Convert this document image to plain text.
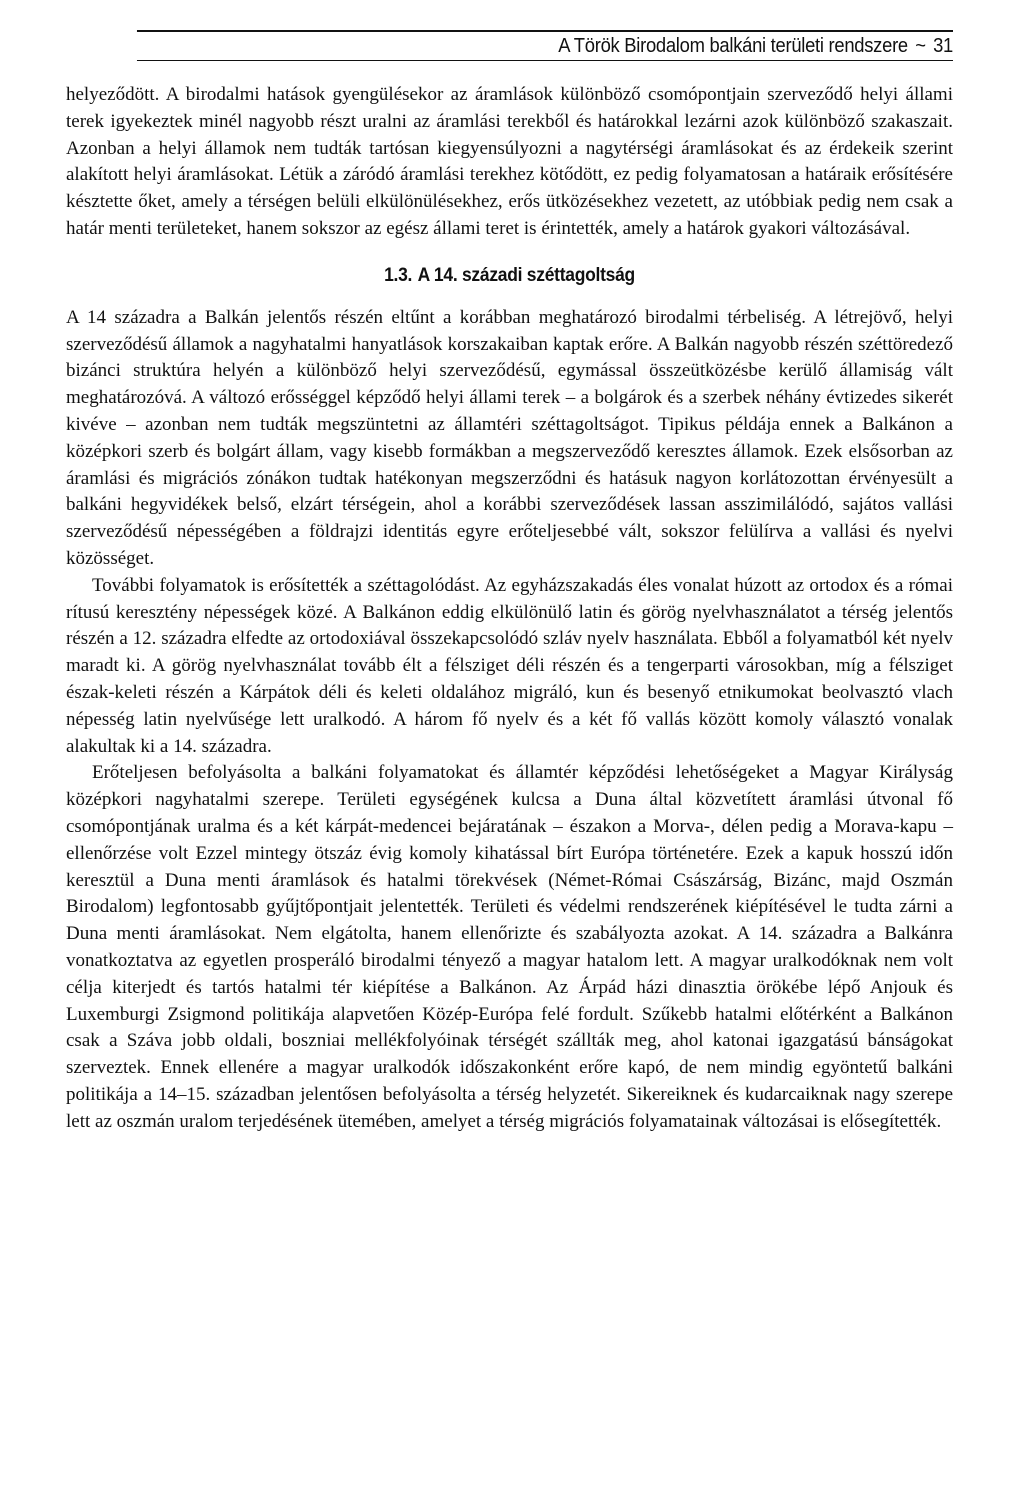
A Török Birodalom balkáni területi rendszere ~ 31

helyeződött. A birodalmi hatások gyengülésekor az áramlások különböző csomópontjain szerveződő helyi állami terek igyekeztek minél nagyobb részt uralni az áramlási terekből és határokkal lezárni azok különböző szakaszait. Azonban a helyi államok nem tudták tartósan kiegyensúlyozni a nagytérségi áramlásokat és az érdekeik szerint alakított helyi áramlásokat. Létük a záródó áramlási terekhez kötődött, ez pedig folyamatosan a határaik erősítésére késztette őket, amely a térségen belüli elkülönülésekhez, erős ütközésekhez vezetett, az utóbbiak pedig nem csak a határ menti területeket, hanem sokszor az egész állami teret is érintették, amely a határok gyakori változásával.

1.3. A 14. századi széttagoltság

A 14 századra a Balkán jelentős részén eltűnt a korábban meghatározó birodalmi térbeliség. A létrejövő, helyi szerveződésű államok a nagyhatalmi hanyatlások korszakaiban kaptak erőre. A Balkán nagyobb részén széttöredező bizánci struktúra helyén a különböző helyi szerveződésű, egymással összeütközésbe kerülő államiság vált meghatározóvá. A változó erősséggel képződő helyi állami terek – a bolgárok és a szerbek néhány évtizedes sikerét kivéve – azonban nem tudták megszüntetni az államtéri széttagoltságot. Tipikus példája ennek a Balkánon a középkori szerb és bolgárt állam, vagy kisebb formákban a megszerveződő keresztes államok. Ezek elsősorban az áramlási és migrációs zónákon tudtak hatékonyan megszerződni és hatásuk nagyon korlátozottan érvényesült a balkáni hegyvidékek belső, elzárt térségein, ahol a korábbi szerveződések lassan asszimilálódó, sajátos vallási szerveződésű népességében a földrajzi identitás egyre erőteljesebbé vált, sokszor felülírva a vallási és nyelvi közösséget.

További folyamatok is erősítették a széttagolódást. Az egyházszakadás éles vonalat húzott az ortodox és a római rítusú keresztény népességek közé. A Balkánon eddig elkülönülő latin és görög nyelvhasználatot a térség jelentős részén a 12. századra elfedte az ortodoxiával összekapcsolódó szláv nyelv használata. Ebből a folyamatból két nyelv maradt ki. A görög nyelvhasználat tovább élt a félsziget déli részén és a tengerparti városokban, míg a félsziget észak-keleti részén a Kárpátok déli és keleti oldalához migráló, kun és besenyő etnikumokat beolvasztó vlach népesség latin nyelvűsége lett uralkodó. A három fő nyelv és a két fő vallás között komoly választó vonalak alakultak ki a 14. századra.

Erőteljesen befolyásolta a balkáni folyamatokat és államtér képződési lehetőségeket a Magyar Királyság középkori nagyhatalmi szerepe. Területi egységének kulcsa a Duna által közvetített áramlási útvonal fő csomópontjának uralma és a két kárpát-medencei bejáratának – északon a Morva-, délen pedig a Morava-kapu – ellenőrzése volt Ezzel mintegy ötszáz évig komoly kihatással bírt Európa történetére. Ezek a kapuk hosszú időn keresztül a Duna menti áramlások és hatalmi törekvések (Német-Római Császárság, Bizánc, majd Oszmán Birodalom) legfontosabb gyűjtőpontjait jelentették. Területi és védelmi rendszerének kiépítésével le tudta zárni a Duna menti áramlásokat. Nem elgátolta, hanem ellenőrizte és szabályozta azokat. A 14. századra a Balkánra vonatkoztatva az egyetlen prosperáló birodalmi tényező a magyar hatalom lett. A magyar uralkodóknak nem volt célja kiterjedt és tartós hatalmi tér kiépítése a Balkánon. Az Árpád házi dinasztia örökébe lépő Anjouk és Luxemburgi Zsigmond politikája alapvetően Közép-Európa felé fordult. Szűkebb hatalmi előtérként a Balkánon csak a Száva jobb oldali, boszniai mellékfolyóinak térségét szállták meg, ahol katonai igazgatású bánságokat szerveztek. Ennek ellenére a magyar uralkodók időszakonként erőre kapó, de nem mindig egyöntetű balkáni politikája a 14–15. században jelentősen befolyásolta a térség helyzetét. Sikereiknek és kudarcaiknak nagy szerepe lett az oszmán uralom terjedésének ütemében, amelyet a térség migrációs folyamatainak változásai is elősegítették.
